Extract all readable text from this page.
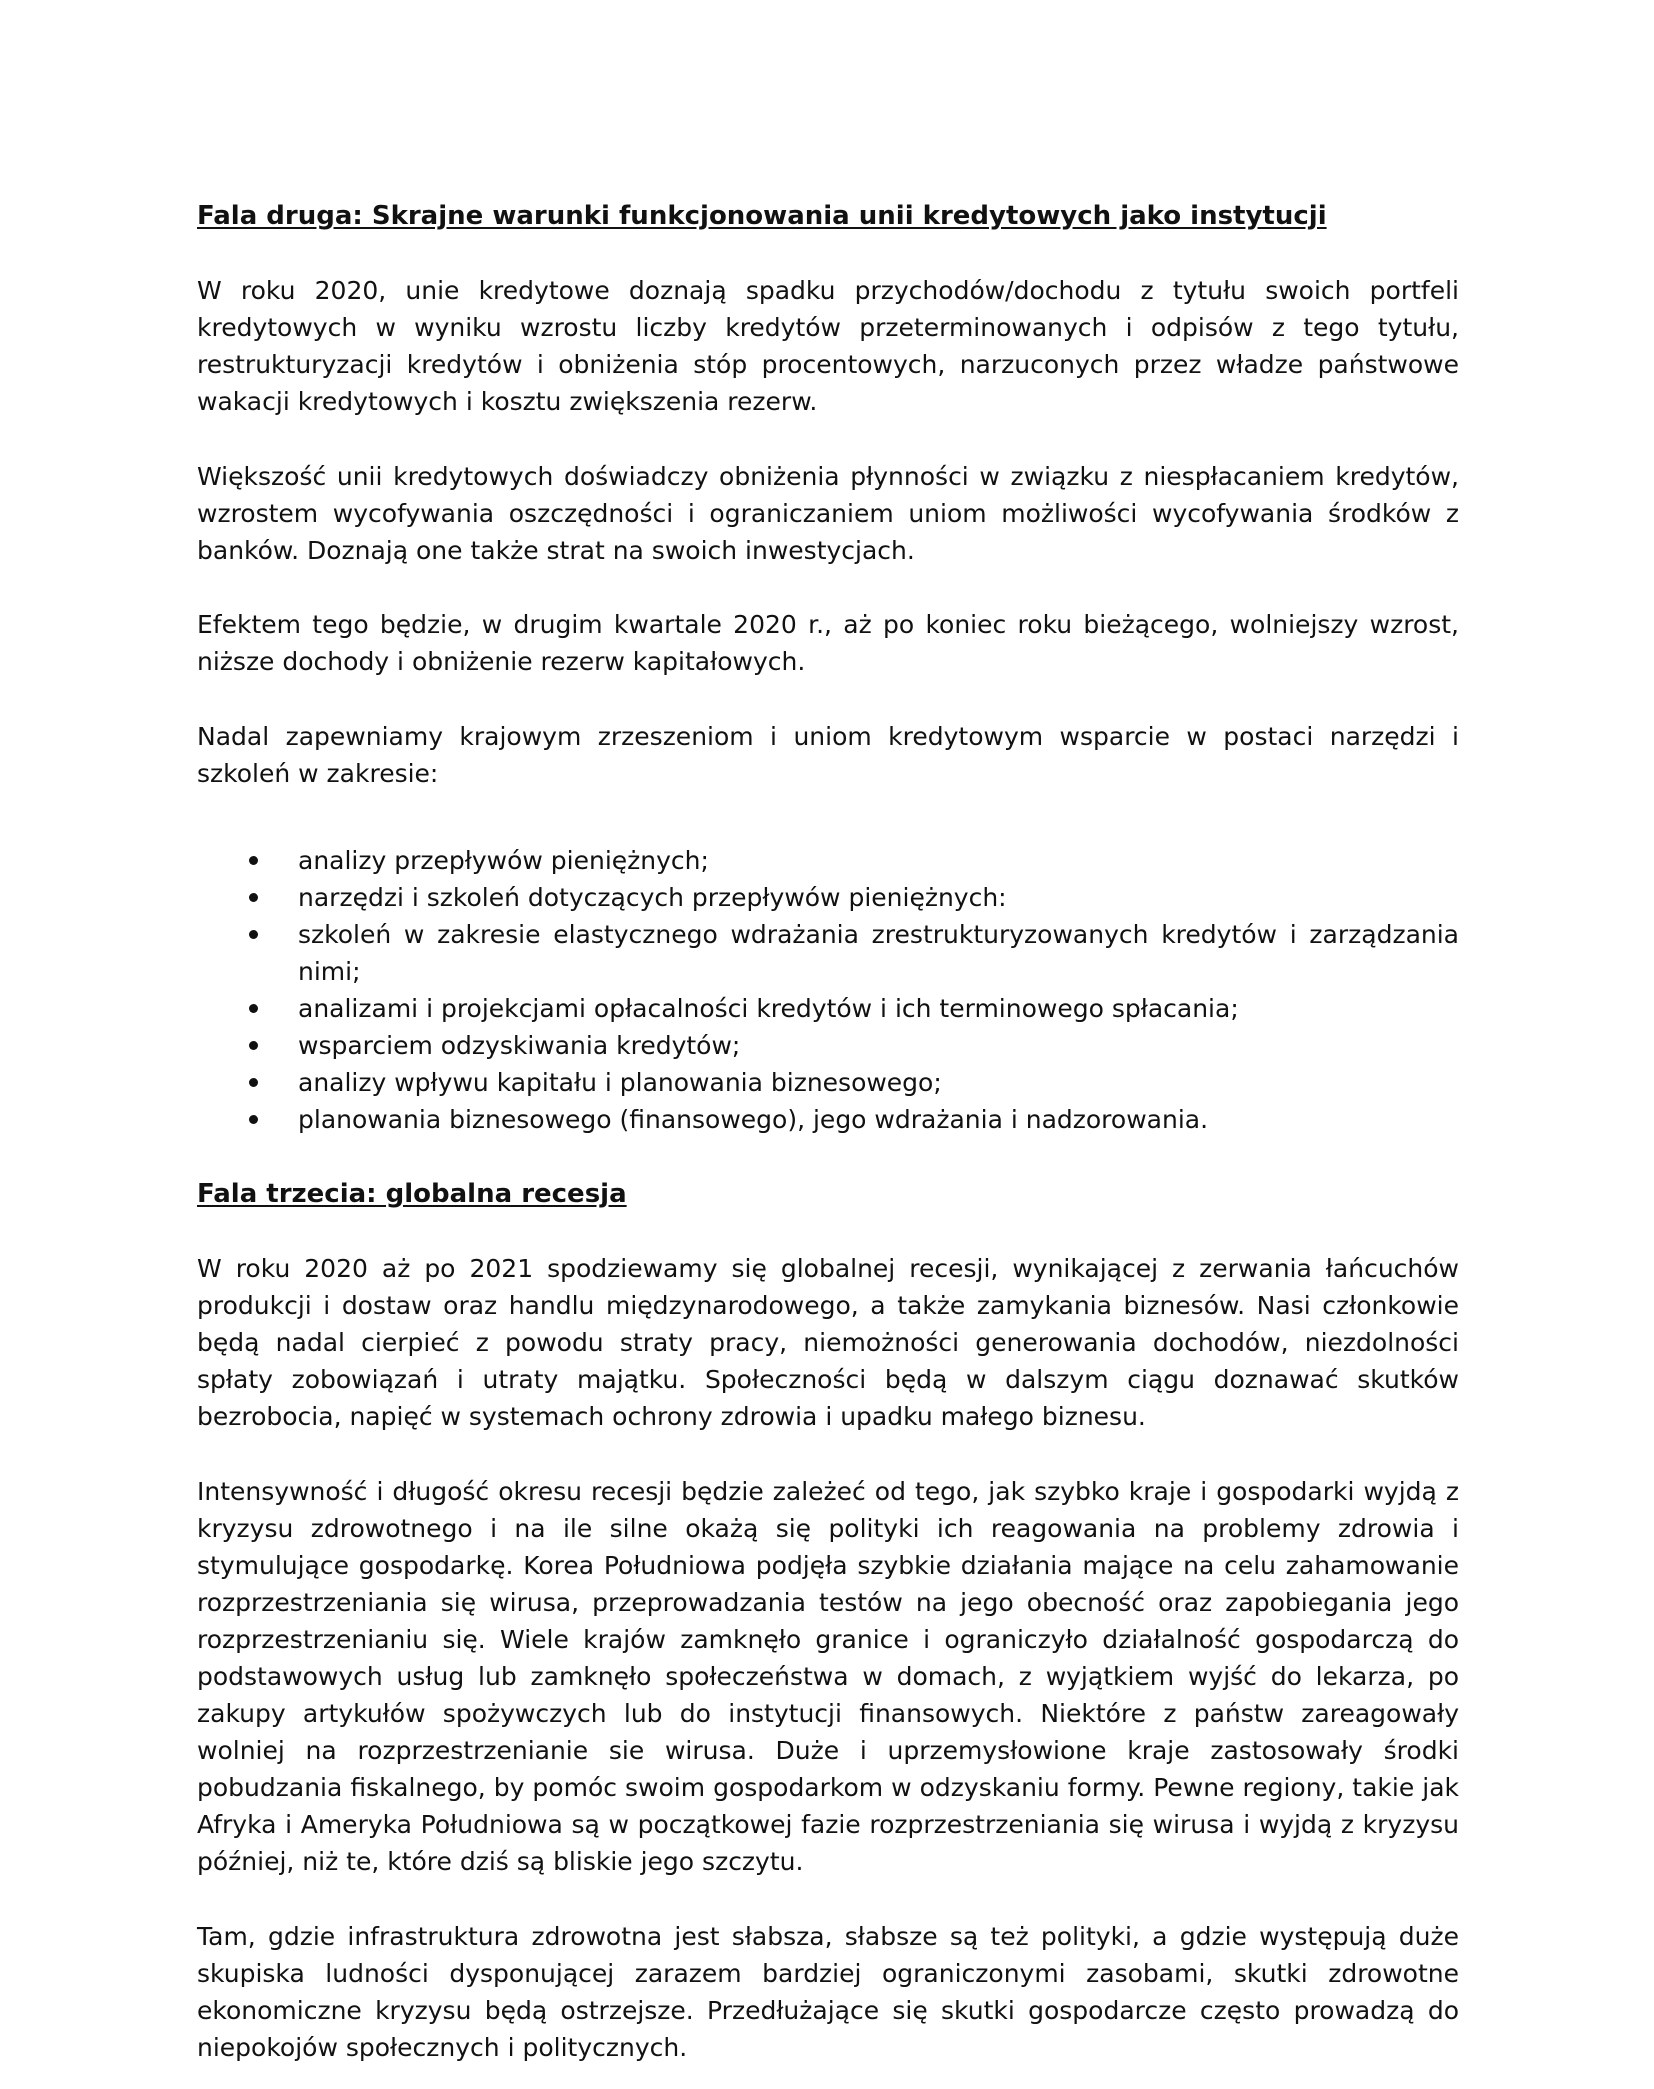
Fala druga: Skrajne warunki funkcjonowania unii kredytowych jako instytucji
W roku 2020, unie kredytowe doznają spadku przychodów/dochodu z tytułu swoich portfeli kredytowych w wyniku wzrostu liczby kredytów przeterminowanych i odpisów z tego tytułu, restrukturyzacji kredytów i obniżenia stóp procentowych, narzuconych przez władze państwowe wakacji kredytowych i kosztu zwiększenia rezerw.
Większość unii kredytowych doświadczy obniżenia płynności w związku z niespłacaniem kredytów, wzrostem wycofywania oszczędności i ograniczaniem uniom możliwości wycofywania środków z banków. Doznają one także strat na swoich inwestycjach.
Efektem tego będzie, w drugim kwartale 2020 r., aż po koniec roku bieżącego, wolniejszy wzrost, niższe dochody i obniżenie rezerw kapitałowych.
Nadal zapewniamy krajowym zrzeszeniom i uniom kredytowym wsparcie w postaci narzędzi i szkoleń w zakresie:
analizy przepływów pieniężnych;
narzędzi i szkoleń dotyczących przepływów pieniężnych:
szkoleń w zakresie elastycznego wdrażania zrestrukturyzowanych kredytów i zarządzania nimi;
analizami i projekcjami opłacalności kredytów i ich terminowego spłacania;
wsparciem odzyskiwania kredytów;
analizy wpływu kapitału i planowania biznesowego;
planowania biznesowego (finansowego), jego wdrażania i nadzorowania.
Fala trzecia: globalna recesja
W roku 2020 aż po 2021 spodziewamy się globalnej recesji, wynikającej z zerwania łańcuchów produkcji i dostaw oraz handlu międzynarodowego, a także zamykania biznesów. Nasi członkowie będą nadal cierpieć z powodu straty pracy, niemożności generowania dochodów, niezdolności spłaty zobowiązań i utraty majątku. Społeczności będą w dalszym ciągu doznawać skutków bezrobocia, napięć w systemach ochrony zdrowia i upadku małego biznesu.
Intensywność i długość okresu recesji będzie zależeć od tego, jak szybko kraje i gospodarki wyjdą z kryzysu zdrowotnego i na ile silne okażą się polityki ich reagowania na problemy zdrowia i stymulujące gospodarkę. Korea Południowa podjęła szybkie działania mające na celu zahamowanie rozprzestrzeniania się wirusa, przeprowadzania testów na jego obecność oraz zapobiegania jego rozprzestrzenianiu się. Wiele krajów zamknęło granice i ograniczyło działalność gospodarczą do podstawowych usług lub zamknęło społeczeństwa w domach, z wyjątkiem wyjść do lekarza, po zakupy artykułów spożywczych lub do instytucji finansowych. Niektóre z państw zareagowały wolniej na rozprzestrzenianie sie wirusa. Duże i uprzemysłowione kraje zastosowały środki pobudzania fiskalnego, by pomóc swoim gospodarkom w odzyskaniu formy. Pewne regiony, takie jak Afryka i Ameryka Południowa są w początkowej fazie rozprzestrzeniania się wirusa i wyjdą z kryzysu później, niż te, które dziś są bliskie jego szczytu.
Tam, gdzie infrastruktura zdrowotna jest słabsza, słabsze są też polityki, a gdzie występują duże skupiska ludności dysponującej zarazem bardziej ograniczonymi zasobami, skutki zdrowotne ekonomiczne kryzysu będą ostrzejsze. Przedłużające się skutki gospodarcze często prowadzą do niepokojów społecznych i politycznych.
